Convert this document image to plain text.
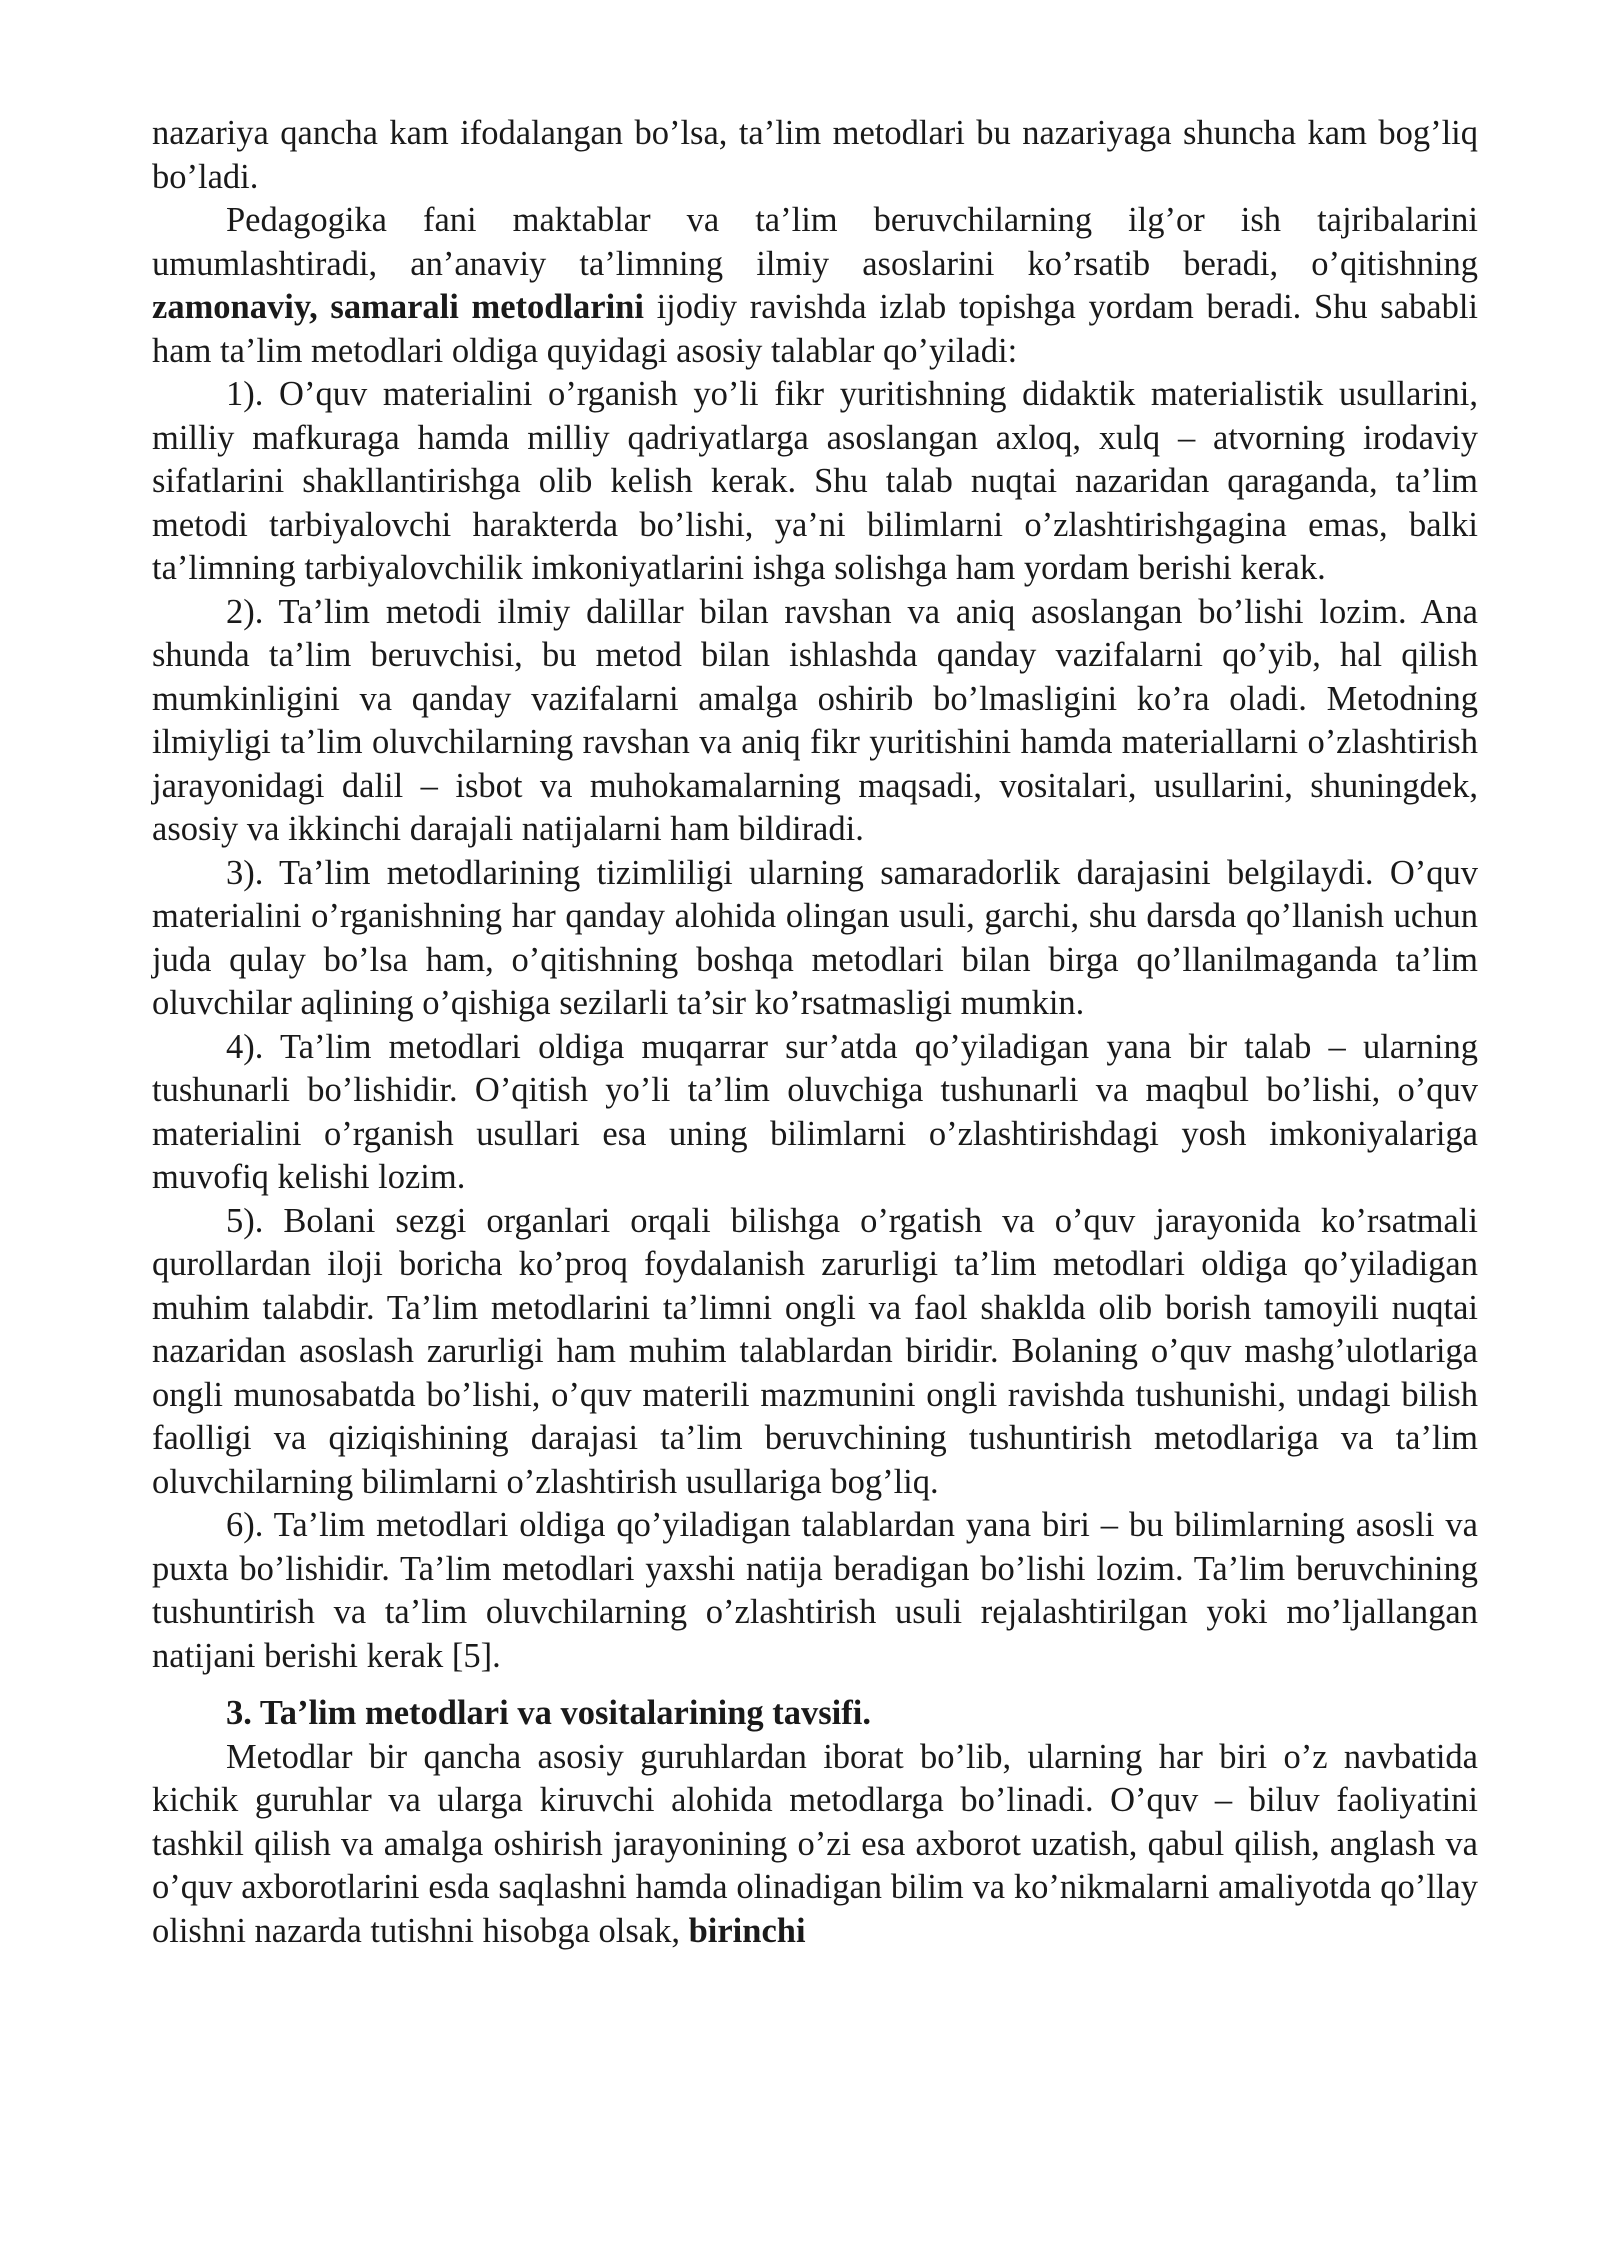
nazariya qancha kam ifodalangan bo’lsa, ta’lim metodlari bu nazariyaga shuncha kam bog’liq bo’ladi.

Pedagogika fani maktablar va ta’lim beruvchilarning ilg’or ish tajribalarini umumlashtiradi, an’anaviy ta’limning ilmiy asoslarini ko’rsatib beradi, o’qitishning zamonaviy, samarali metodlarini ijodiy ravishda izlab topishga yordam beradi. Shu sababli ham ta’lim metodlari oldiga quyidagi asosiy talablar qo’yiladi:

1). O’quv materialini o’rganish yo’li fikr yuritishning didaktik materialistik usullarini, milliy mafkuraga hamda milliy qadriyatlarga asoslangan axloq, xulq – atvorning irodaviy sifatlarini shakllantirishga olib kelish kerak. Shu talab nuqtai nazaridan qaraganda, ta’lim metodi tarbiyalovchi harakterda bo’lishi, ya’ni bilimlarni o’zlashtirishgagina emas, balki ta’limning tarbiyalovchilik imkoniyatlarini ishga solishga ham yordam berishi kerak.

2). Ta’lim metodi ilmiy dalillar bilan ravshan va aniq asoslangan bo’lishi lozim. Ana shunda ta’lim beruvchisi, bu metod bilan ishlashda qanday vazifalarni qo’yib, hal qilish mumkinligini va qanday vazifalarni amalga oshirib bo’lmasligini ko’ra oladi. Metodning ilmiyligi ta’lim oluvchilarning ravshan va aniq fikr yuritishini hamda materiallarni o’zlashtirish jarayonidagi dalil – isbot va muhokamalarning maqsadi, vositalari, usullarini, shuningdek, asosiy va ikkinchi darajali natijalarni ham bildiradi.

3). Ta’lim metodlarining tizimliligi ularning samaradorlik darajasini belgilaydi. O’quv materialini o’rganishning har qanday alohida olingan usuli, garchi, shu darsda qo’llanish uchun juda qulay bo’lsa ham, o’qitishning boshqa metodlari bilan birga qo’llanilmaganda ta’lim oluvchilar aqlining o’qishiga sezilarli ta’sir ko’rsatmasligi mumkin.

4). Ta’lim metodlari oldiga muqarrar sur’atda qo’yiladigan yana bir talab – ularning tushunarli bo’lishidir. O’qitish yo’li ta’lim oluvchiga tushunarli va maqbul bo’lishi, o’quv materialini o’rganish usullari esa uning bilimlarni o’zlashtirishdagi yosh imkoniyalariga muvofiq kelishi lozim.

5). Bolani sezgi organlari orqali bilishga o’rgatish va o’quv jarayonida ko’rsatmali qurollardan iloji boricha ko’proq foydalanish zarurligi ta’lim metodlari oldiga qo’yiladigan muhim talabdir. Ta’lim metodlarini ta’limni ongli va faol shaklda olib borish tamoyili nuqtai nazaridan asoslash zarurligi ham muhim talablardan biridir. Bolaning o’quv mashg’ulotlariga ongli munosabatda bo’lishi, o’quv materili mazmunini ongli ravishda tushunishi, undagi bilish faolligi va qiziqishining darajasi ta’lim beruvchining tushuntirish metodlariga va ta’lim oluvchilarning bilimlarni o’zlashtirish usullariga bog’liq.

6). Ta’lim metodlari oldiga qo’yiladigan talablardan yana biri – bu bilimlarning asosli va puxta bo’lishidir. Ta’lim metodlari yaxshi natija beradigan bo’lishi lozim. Ta’lim beruvchining tushuntirish va ta’lim oluvchilarning o’zlashtirish usuli rejalashtirilgan yoki mo’ljallangan natijani berishi kerak [5].

3. Ta’lim metodlari va vositalarining tavsifi.

Metodlar bir qancha asosiy guruhlardan iborat bo’lib, ularning har biri o’z navbatida kichik guruhlar va ularga kiruvchi alohida metodlarga bo’linadi. O’quv – biluv faoliyatini tashkil qilish va amalga oshirish jarayonining o’zi esa axborot uzatish, qabul qilish, anglash va o’quv axborotlarini esda saqlashni hamda olinadigan bilim va ko’nikmalarni amaliyotda qo’llay olishni nazarda tutishni hisobga olsak, birinchi
